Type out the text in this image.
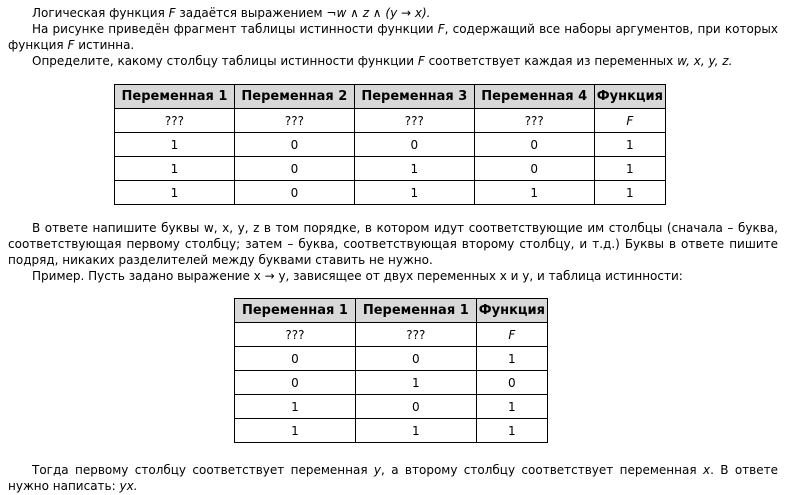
Логическая функция F задаётся выражением ¬w ∧ z ∧ (y → x).

На рисунке приведён фрагмент таблицы истинности функции F, содержащий все наборы аргументов, при которых функция F истинна.

Определите, какому столбцу таблицы истинности функции F соответствует каждая из переменных w, x, y, z.

Переменная 1	Переменная 2	Переменная 3	Переменная 4	Функция
???	???	???	???	F
1	0	0	0	1
1	0	1	0	1
1	0	1	1	1

В ответе напишите буквы w, x, y, z в том порядке, в котором идут соответствующие им столбцы (сначала – буква, соответствующая первому столбцу; затем – буква, соответствующая второму столбцу, и т.д.) Буквы в ответе пишите подряд, никаких разделителей между буквами ставить не нужно.

Пример. Пусть задано выражение x → y, зависящее от двух переменных x и y, и таблица истинности:

Переменная 1	Переменная 1	Функция
???	???	F
0	0	1
0	1	0
1	0	1
1	1	1

Тогда первому столбцу соответствует переменная y, а второму столбцу соответствует переменная x. В ответе нужно написать: yx.
